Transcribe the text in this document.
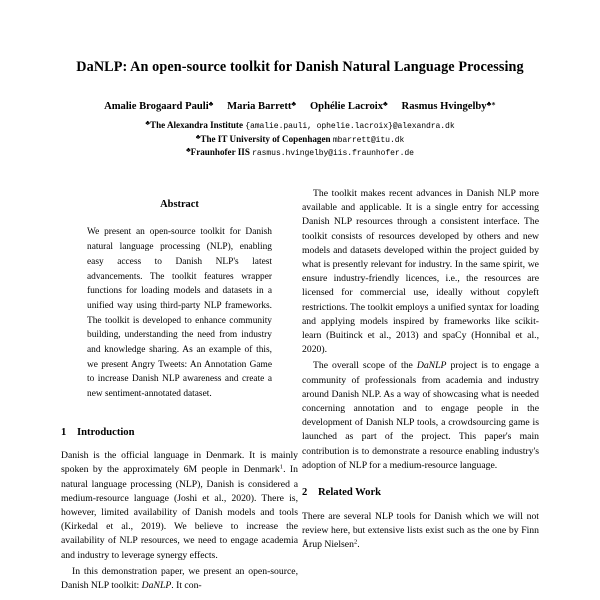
DaNLP: An open-source toolkit for Danish Natural Language Processing
Amalie Brogaard Pauli♣ Maria Barrett♣ Ophélie Lacroix♣ Rasmus Hvingelby♣∗
♣The Alexandra Institute {amalie.pauli, ophelie.lacroix}@alexandra.dk
♣The IT University of Copenhagen mbarrett@itu.dk
♣Fraunhofer IIS rasmus.hvingelby@iis.fraunhofer.de
Abstract

We present an open-source toolkit for Danish natural language processing (NLP), enabling easy access to Danish NLP's latest advancements. The toolkit features wrapper functions for loading models and datasets in a unified way using third-party NLP frameworks. The toolkit is developed to enhance community building, understanding the need from industry and knowledge sharing. As an example of this, we present Angry Tweets: An Annotation Game to increase Danish NLP awareness and create a new sentiment-annotated dataset.

1 Introduction

Danish is the official language in Denmark. It is mainly spoken by the approximately 6M people in Denmark$^1$. In natural language processing (NLP), Danish is considered a medium-resource language (Joshi et al., 2020). There is, however, limited availability of Danish models and tools (Kirkedal et al., 2019). We believe to increase the availability of NLP resources, we need to engage academia and industry to leverage synergy effects.

In this demonstration paper, we present an open-source, Danish NLP toolkit: DaNLP. It con-

The toolkit makes recent advances in Danish NLP more available and applicable. It is a single entry for accessing Danish NLP resources through a consistent interface. The toolkit consists of resources developed by others and new models and datasets developed within the project guided by what is presently relevant for industry. In the same spirit, we ensure industry-friendly licences, i.e., the resources are licensed for commercial use, ideally without copyleft restrictions. The toolkit employs a unified syntax for loading and applying models inspired by frameworks like scikit-learn (Buitinck et al., 2013) and spaCy (Honnibal et al., 2020).

The overall scope of the DaNLP project is to engage a community of professionals from academia and industry around Danish NLP. As a way of showcasing what is needed concerning annotation and to engage people in the development of Danish NLP tools, a crowdsourcing game is launched as part of the project. This paper's main contribution is to demonstrate a resource enabling industry's adoption of NLP for a medium-resource language.

2 Related Work

There are several NLP tools for Danish which we will not review here, but extensive lists exist such as the one by Finn Årup Nielsen$^2$.
